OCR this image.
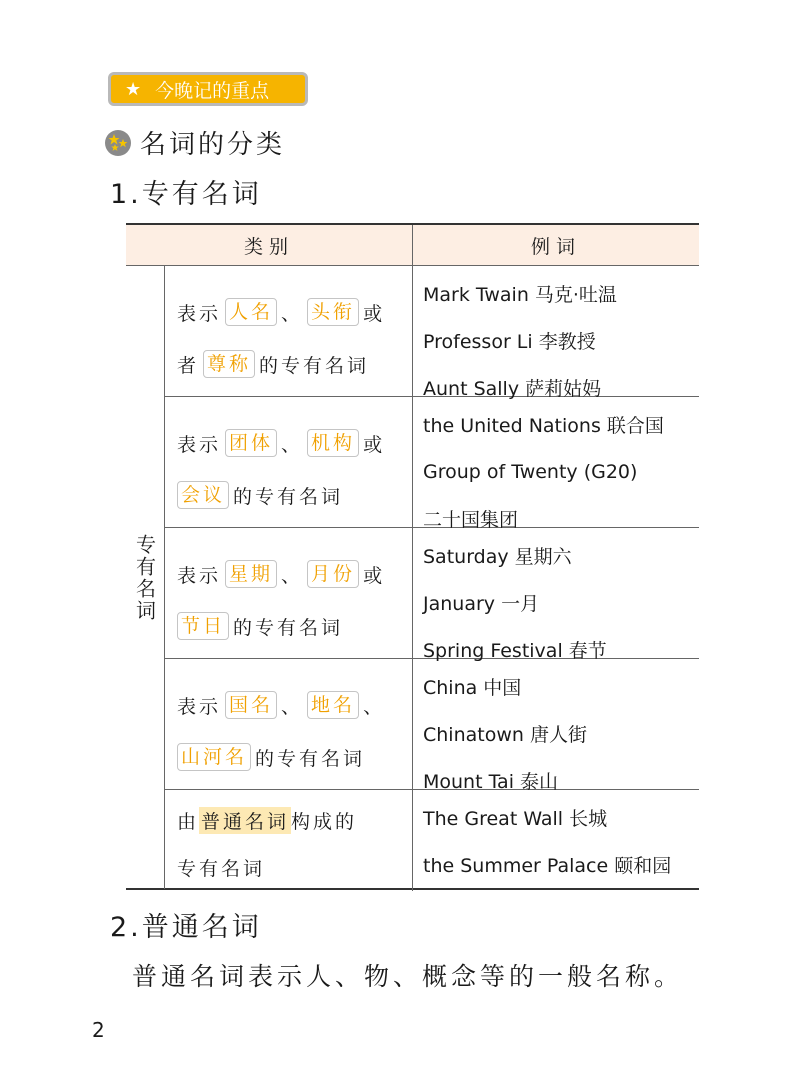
★ 今晚记的重点
名词的分类
1.专有名词
类别	例词
专有名词
表示 人名 、 头衔 或
者 尊称 的专有名词
Mark Twain 马克·吐温
Professor Li 李教授
Aunt Sally 萨莉姑妈
表示 团体 、 机构 或
会议 的专有名词
the United Nations 联合国
Group of Twenty (G20)
二十国集团
表示 星期 、 月份 或
节日 的专有名词
Saturday 星期六
January 一月
Spring Festival 春节
表示 国名 、 地名 、
山河名 的专有名词
China 中国
Chinatown 唐人街
Mount Tai 泰山
由 普通名词 构成的
专有名词
The Great Wall 长城
the Summer Palace 颐和园
2.普通名词
普通名词表示人、物、概念等的一般名称。
2
